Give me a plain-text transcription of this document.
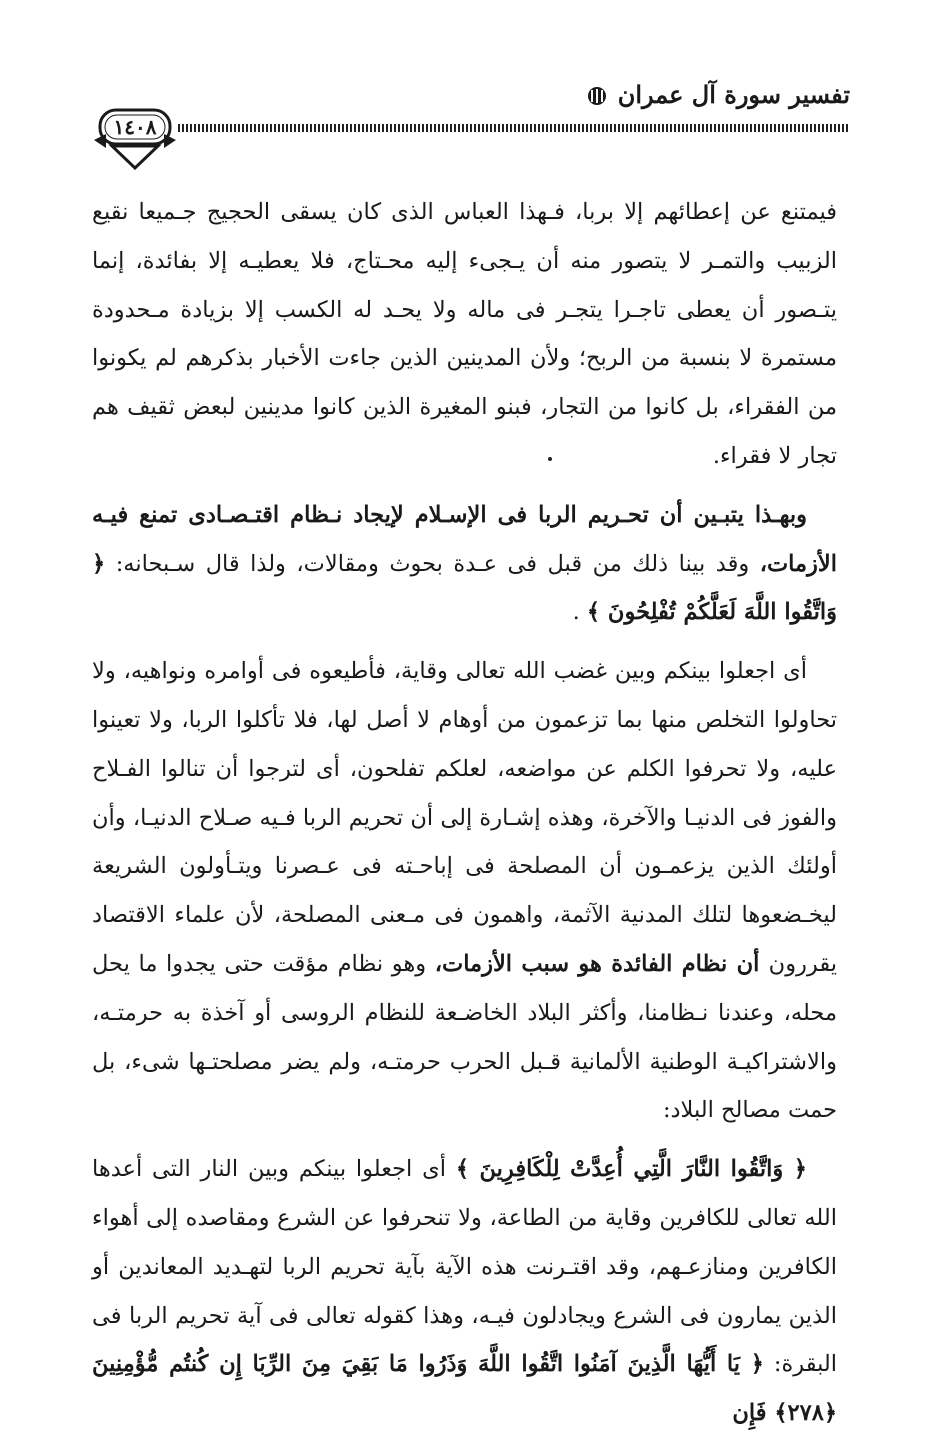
تفسير سورة آل عمران
١٤٠٨

فيمتنع عن إعطائهم إلا بربا، فـهذا العباس الذى كان يسقى الحجيج جـميعا نقيع الزبيب والتمـر لا يتصور منه أن يـجىء إليه محـتاج، فلا يعطيـه إلا بفائدة، إنما يتـصور أن يعطى تاجـرا يتجـر فى ماله ولا يحـد له الكسب إلا بزيادة مـحدودة مستمرة لا بنسبة من الربح؛ ولأن المدينين الذين جاءت الأخبار بذكرهم لم يكونوا من الفقراء، بل كانوا من التجار، فبنو المغيرة الذين كانوا مدينين لبعض ثقيف هم تجار لا فقراء.

وبهـذا يتبـين أن تحـريم الربا فى الإسـلام لإيجاد نـظام اقتـصـادى تمنع فيـه الأزمات، وقد بينا ذلك من قبل فى عـدة بحوث ومقالات، ولذا قال سـبحانه: ﴿ وَاتَّقُوا اللَّهَ لَعَلَّكُمْ تُفْلِحُونَ ﴾ .

أى اجعلوا بينكم وبين غضب الله تعالى وقاية، فأطيعوه فى أوامره ونواهيه، ولا تحاولوا التخلص منها بما تزعمون من أوهام لا أصل لها، فلا تأكلوا الربا، ولا تعينوا عليه، ولا تحرفوا الكلم عن مواضعه، لعلكم تفلحون، أى لترجوا أن تنالوا الفـلاح والفوز فى الدنيـا والآخرة، وهذه إشـارة إلى أن تحريم الربا فـيه صـلاح الدنيـا، وأن أولئك الذين يزعمـون أن المصلحة فى إباحـته فى عـصرنا ويتـأولون الشريعة ليخـضعوها لتلك المدنية الآثمة، واهمون فى مـعنى المصلحة، لأن علماء الاقتصاد يقررون أن نظام الفائدة هو سبب الأزمات، وهو نظام مؤقت حتى يجدوا ما يحل محله، وعندنا نـظامنا، وأكثر البلاد الخاضـعة للنظام الروسى أو آخذة به حرمتـه، والاشتراكيـة الوطنية الألمانية قـبل الحرب حرمتـه، ولم يضر مصلحتـها شىء، بل حمت مصالح البلاد:

﴿ وَاتَّقُوا النَّارَ الَّتِي أُعِدَّتْ لِلْكَافِرِينَ ﴾ أى اجعلوا بينكم وبين النار التى أعدها الله تعالى للكافرين وقاية من الطاعة، ولا تنحرفوا عن الشرع ومقاصده إلى أهواء الكافرين ومنازعـهم، وقد اقتـرنت هذه الآية بآية تحريم الربا لتهـديد المعاندين أو الذين يمارون فى الشرع ويجادلون فيـه، وهذا كقوله تعالى فى آية تحريم الربا فى البقرة: ﴿ يَا أَيُّهَا الَّذِينَ آمَنُوا اتَّقُوا اللَّهَ وَذَرُوا مَا بَقِيَ مِنَ الرِّبَا إِن كُنتُم مُّؤْمِنِينَ ﴿٢٧٨﴾ فَإِن
